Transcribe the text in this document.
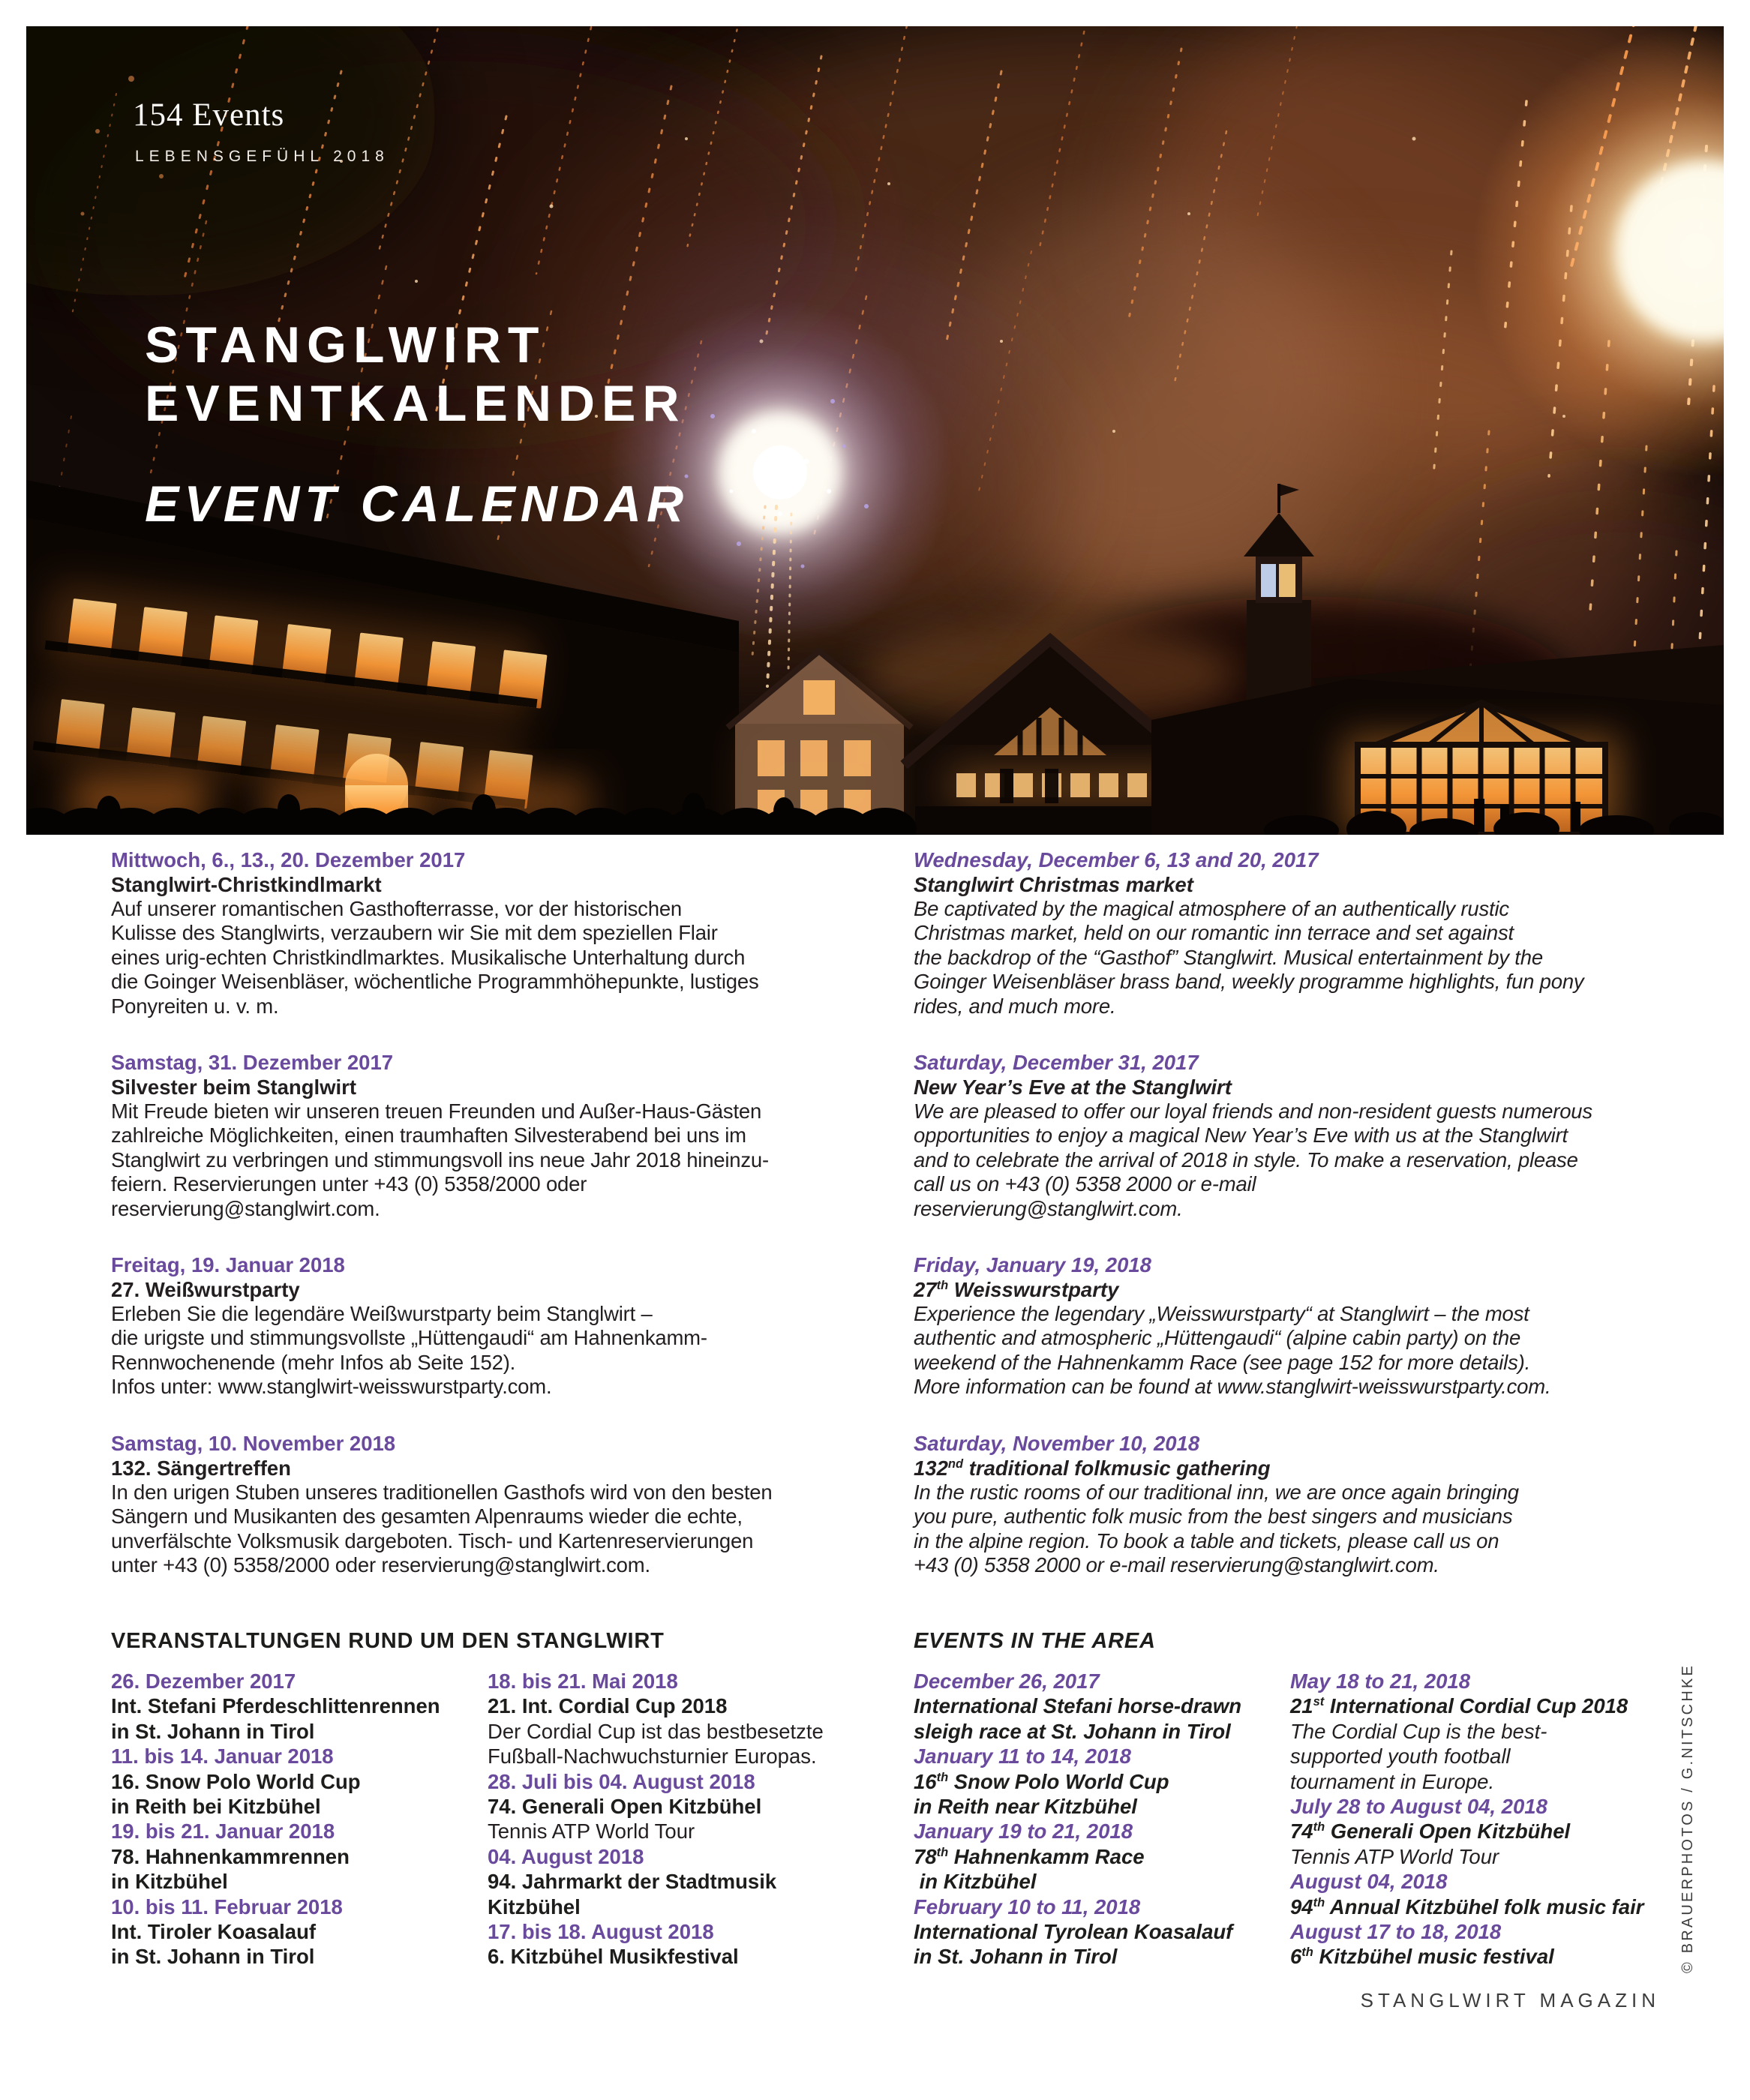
154 Events
LEBENSGEFÜHL 2018
STANGLWIRT
EVENTKALENDER
EVENT CALENDAR
Mittwoch, 6., 13., 20. Dezember 2017
Stanglwirt-Christkindlmarkt
Auf unserer romantischen Gasthofterrasse, vor der historischen
Kulisse des Stanglwirts, verzaubern wir Sie mit dem speziellen Flair
eines urig-echten Christkindlmarktes. Musikalische Unterhaltung durch
die Goinger Weisenbläser, wöchentliche Programmhöhepunkte, lustiges
Ponyreiten u. v. m.
Samstag, 31. Dezember 2017
Silvester beim Stanglwirt
Mit Freude bieten wir unseren treuen Freunden und Außer-Haus-Gästen
zahlreiche Möglichkeiten, einen traumhaften Silvesterabend bei uns im
Stanglwirt zu verbringen und stimmungsvoll ins neue Jahr 2018 hineinzu-
feiern. Reservierungen unter +43 (0) 5358/2000 oder
reservierung@stanglwirt.com.
Freitag, 19. Januar 2018
27. Weißwurstparty
Erleben Sie die legendäre Weißwurstparty beim Stanglwirt –
die urigste und stimmungsvollste „Hüttengaudi“ am Hahnenkamm-
Rennwochenende (mehr Infos ab Seite 152).
Infos unter: www.stanglwirt-weisswurstparty.com.
Samstag, 10. November 2018
132. Sängertreffen
In den urigen Stuben unseres traditionellen Gasthofs wird von den besten
Sängern und Musikanten des gesamten Alpenraums wieder die echte,
unverfälschte Volksmusik dargeboten. Tisch- und Kartenreservierungen
unter +43 (0) 5358/2000 oder reservierung@stanglwirt.com.
Wednesday, December 6, 13 and 20, 2017
Stanglwirt Christmas market
Be captivated by the magical atmosphere of an authentically rustic
Christmas market, held on our romantic inn terrace and set against
the backdrop of the “Gasthof” Stanglwirt. Musical entertainment by the
Goinger Weisenbläser brass band, weekly programme highlights, fun pony
rides, and much more.
Saturday, December 31, 2017
New Year’s Eve at the Stanglwirt
We are pleased to offer our loyal friends and non-resident guests numerous
opportunities to enjoy a magical New Year’s Eve with us at the Stanglwirt
and to celebrate the arrival of 2018 in style. To make a reservation, please
call us on +43 (0) 5358 2000 or e-mail
reservierung@stanglwirt.com.
Friday, January 19, 2018
27th Weisswurstparty
Experience the legendary „Weisswurstparty“ at Stanglwirt – the most
authentic and atmospheric „Hüttengaudi“ (alpine cabin party) on the
weekend of the Hahnenkamm Race (see page 152 for more details).
More information can be found at www.stanglwirt-weisswurstparty.com.
Saturday, November 10, 2018
132nd traditional folkmusic gathering
In the rustic rooms of our traditional inn, we are once again bringing
you pure, authentic folk music from the best singers and musicians
in the alpine region. To book a table and tickets, please call us on
+43 (0) 5358 2000 or e-mail reservierung@stanglwirt.com.
VERANSTALTUNGEN RUND UM DEN STANGLWIRT
26. Dezember 2017
Int. Stefani Pferdeschlittenrennen
in St. Johann in Tirol
11. bis 14. Januar 2018
16. Snow Polo World Cup
in Reith bei Kitzbühel
19. bis 21. Januar 2018
78. Hahnenkammrennen
in Kitzbühel
10. bis 11. Februar 2018
Int. Tiroler Koasalauf
in St. Johann in Tirol
18. bis 21. Mai 2018
21. Int. Cordial Cup 2018
Der Cordial Cup ist das bestbesetzte
Fußball-Nachwuchsturnier Europas.
28. Juli bis 04. August 2018
74. Generali Open Kitzbühel
Tennis ATP World Tour
04. August 2018
94. Jahrmarkt der Stadtmusik
Kitzbühel
17. bis 18. August 2018
6. Kitzbühel Musikfestival
EVENTS IN THE AREA
December 26, 2017
International Stefani horse-drawn
sleigh race at St. Johann in Tirol
January 11 to 14, 2018
16th Snow Polo World Cup
in Reith near Kitzbühel
January 19 to 21, 2018
78th Hahnenkamm Race
in Kitzbühel
February 10 to 11, 2018
International Tyrolean Koasalauf
in St. Johann in Tirol
May 18 to 21, 2018
21st International Cordial Cup 2018
The Cordial Cup is the best-
supported youth football
tournament in Europe.
July 28 to August 04, 2018
74th Generali Open Kitzbühel
Tennis ATP World Tour
August 04, 2018
94th Annual Kitzbühel folk music fair
August 17 to 18, 2018
6th Kitzbühel music festival	© BRAUERPHOTOS / G.NITSCHKE
STANGLWIRT MAGAZIN
